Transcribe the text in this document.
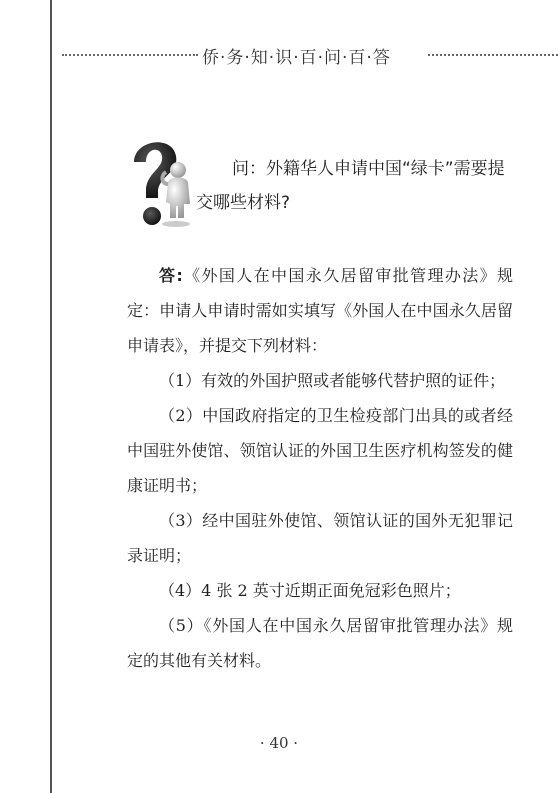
侨·务·知·识·百·问·百·答
问：外籍华人申请中国“绿卡”需要提
交哪些材料?

答:《外国人在中国永久居留审批管理办法》规定：申请人申请时需如实填写《外国人在中国永久居留申请表》，并提交下列材料：

（1）有效的外国护照或者能够代替护照的证件；

（2）中国政府指定的卫生检疫部门出具的或者经中国驻外使馆、领馆认证的外国卫生医疗机构签发的健康证明书；

（3）经中国驻外使馆、领馆认证的国外无犯罪记录证明；

（4）4 张 2 英寸近期正面免冠彩色照片；

（5）《外国人在中国永久居留审批管理办法》规定的其他有关材料。

· 40 ·
